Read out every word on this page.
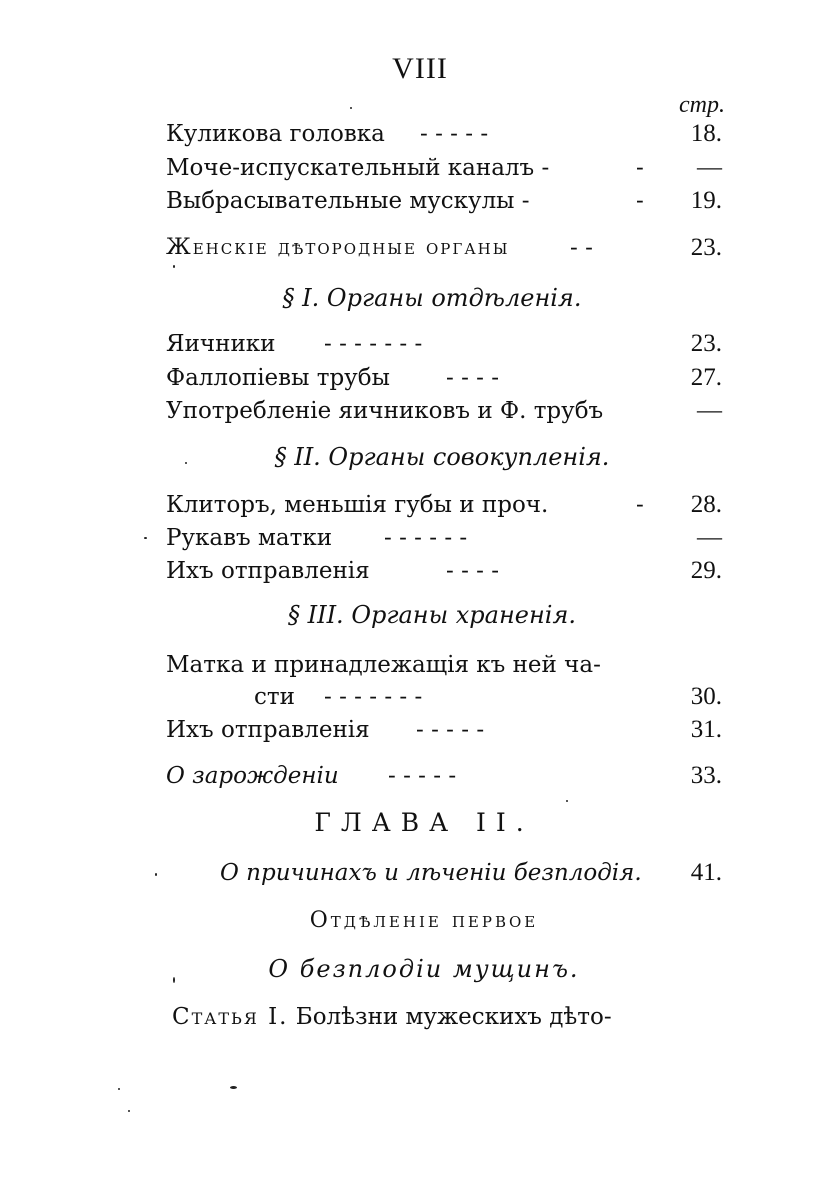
VIII
стр.
Куликова головка - - - - -	18.
Моче-испускательный каналъ -	- —
Выбрасывательные мускулы -	- 19.
Женскіе дѣторoдные органы	- -	23.
§ I. Органы отдѣленія.
Яичники - - - - - - -	23.
Фаллопіевы трубы - - - -	27.
Употребленіе яичниковъ и Ф. трубъ	—
§ II. Органы совокупленія.
Клиторъ, меньшія губы и проч.	- 28.
Рукавъ матки - - - - - -	—
Ихъ отправленія	- - - -	29.
§ III. Органы храненія.
Матка и принадлежащія къ ней ча-
сти - - - - - - -	30.
Ихъ отправленія - - - - -	31.
О зарожденіи - - - - -	33.
ГЛАВА II.
О причинахъ и лѣченіи безплодія. 41.
Отдѣленіе первое
О безплодіи мущинъ.
Статья I. Болѣзни мужескихъ дѣто-
